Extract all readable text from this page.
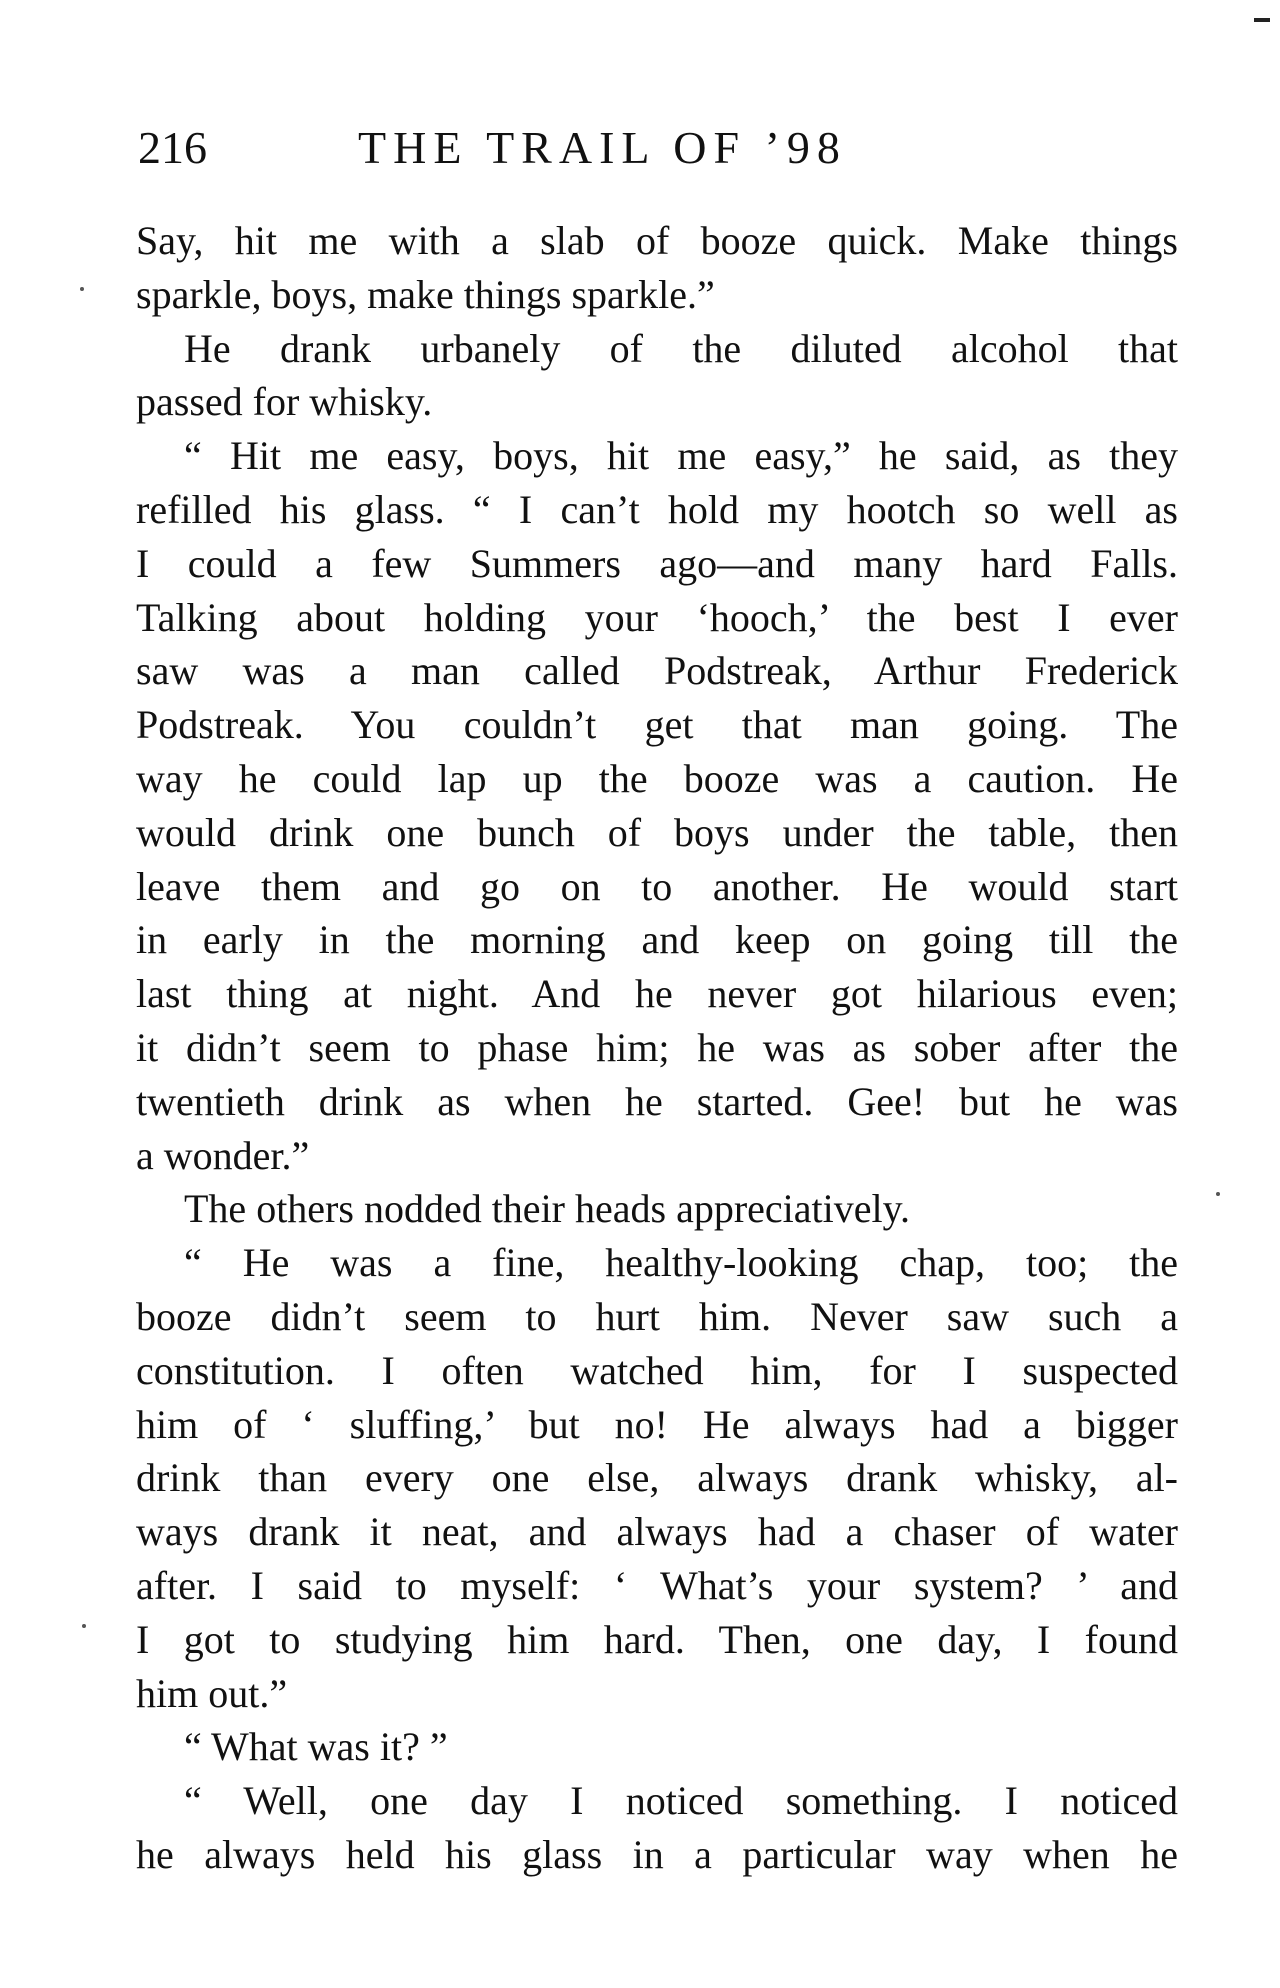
216	THE TRAIL OF ’98
Say, hit me with a slab of booze quick. Make things
sparkle, boys, make things sparkle.”
He drank urbanely of the diluted alcohol that
passed for whisky.
“ Hit me easy, boys, hit me easy,” he said, as they
refilled his glass. “ I can’t hold my hootch so well as
I could a few Summers ago—and many hard Falls.
Talking about holding your ‘hooch,’ the best I ever
saw was a man called Podstreak, Arthur Frederick
Podstreak. You couldn’t get that man going. The
way he could lap up the booze was a caution. He
would drink one bunch of boys under the table, then
leave them and go on to another. He would start
in early in the morning and keep on going till the
last thing at night. And he never got hilarious even;
it didn’t seem to phase him; he was as sober after the
twentieth drink as when he started. Gee! but he was
a wonder.”
The others nodded their heads appreciatively.
“ He was a fine, healthy-looking chap, too; the
booze didn’t seem to hurt him. Never saw such a
constitution. I often watched him, for I suspected
him of ‘ sluffing,’ but no! He always had a bigger
drink than every one else, always drank whisky, al-
ways drank it neat, and always had a chaser of water
after. I said to myself: ‘ What’s your system? ’ and
I got to studying him hard. Then, one day, I found
him out.”
“ What was it? ”
“ Well, one day I noticed something. I noticed
he always held his glass in a particular way when he
